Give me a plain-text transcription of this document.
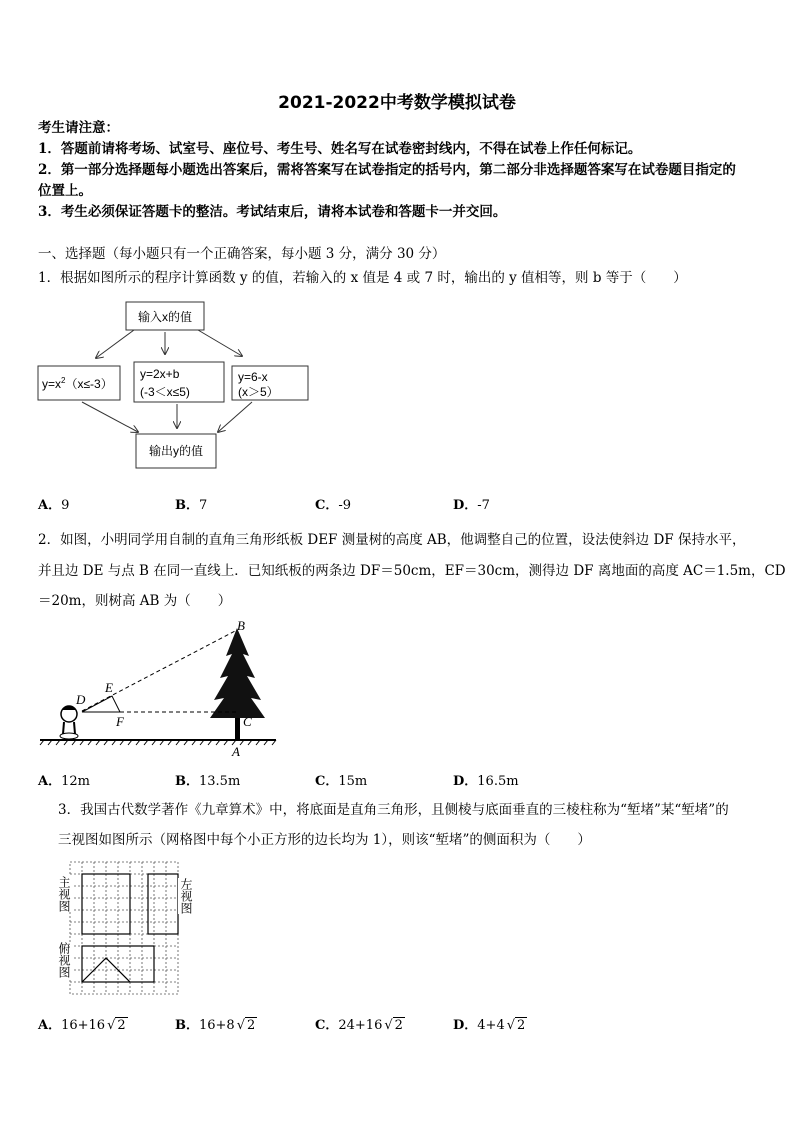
2021-2022中考数学模拟试卷
考生请注意：
1．答题前请将考场、试室号、座位号、考生号、姓名写在试卷密封线内，不得在试卷上作任何标记。
2．第一部分选择题每小题选出答案后，需将答案写在试卷指定的括号内，第二部分非选择题答案写在试卷题目指定的
位置上。
3．考生必须保证答题卡的整洁。考试结束后，请将本试卷和答题卡一并交回。
一、选择题（每小题只有一个正确答案，每小题 3 分，满分 30 分）
1．根据如图所示的程序计算函数 y 的值，若输入的 x 值是 4 或 7 时，输出的 y 值相等，则 b 等于（　　）
输入x的值
$y=x^2(x\le-3)$
y=2x+b
(-3＜x≤5)
y=6-x
(x＞5）
输出y的值
A．9	B．7	C．-9	D．-7
2．如图，小明同学用自制的直角三角形纸板 DEF 测量树的高度 AB，他调整自己的位置，设法使斜边 DF 保持水平，
并且边 DE 与点 B 在同一直线上．已知纸板的两条边 DF＝50cm，EF＝30cm，测得边 DF 离地面的高度 AC＝1.5m，CD
＝20m，则树高 AB 为（　　）
B
D
E
F	C
A
A．12m	B．13.5m	C．15m	D．16.5m
3．我国古代数学著作《九章算术》中，将底面是直角三角形，且侧棱与底面垂直的三棱柱称为“堑堵”某“堑堵”的
三视图如图所示（网格图中每个小正方形的边长均为 1），则该“堑堵”的侧面积为（　　）
主视图	左视图
俯视图
A．16+16 √ 2	B．16+8 √ 2	C．24+16 √ 2	D．4+4 √ 2
